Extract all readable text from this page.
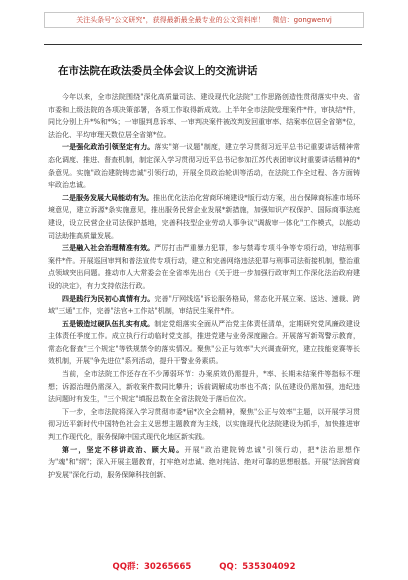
关注头条号"公文研究"，获得最新最全最专业的公文资料库！ 微信：gongwenvj
在市法院在政法委员全体会议上的交流讲话

今年以来，全市法院围绕"深化高质量司法、建设现代化法院"工作思路创造性贯彻落实中央、省市委和上级法院的各项决策部署，各项工作取得新成效。上半年全市法院受理案件*件，审执结*件，同比分别上升*%和*%；一审服判息诉率、一审判决案件被改判发回重审率、结案率位居全省第*位，法治化、平均审理天数位居全省第*位。

一是强化政治引领坚定有力。落实"第一议题"制度，建立学习贯彻习近平总书记重要讲话精神常态化调度、推进、督查机制，制定深入学习贯彻习近平总书记参加江苏代表团审议时重要讲话精神的*条意见。实施"政治建院铸忠诚"引领行动，开展全员政治轮训等活动，在法院工作全过程、各方面铸牢政治忠诚。

二是服务发展大局能动有为。推出优化法治化营商环境建设*版行动方案，出台保障商标准市场环境意见，建立诉源*条实施意见，推出服务民营企业发展*新措施，加强知识产权保护、国际商事法庭建设，设立民营企业司法保护基地，完善科技型企业劳动人事争议"调裁审一体化"工作模式，以能动司法助推高质量发展。

三是融入社会治理精准有效。严厉打击严重暴力犯罪，参与禁毒专项斗争等专项行动，审结刑事案件*件。开展巡回审判和普法宣传专项行动，建立和完善网络违法犯罪与刑事司法衔接机制，整治重点领域突出问题。推动市人大常委会在全省率先出台《关于进一步加强行政审判工作深化法治政府建设的决定》，有力支持依法行政。

四是践行为民初心真情有力。完善"厅网线巡"诉讼服务格局，常态化开展立案、送达、速裁、跨域"三通"工作，完善"法官+工作站"机制，审结民生案件*件。

五是锻造过硬队伍扎实有成。制定党组落实全面从严治党主体责任清单，定期研究党风廉政建设主体责任季度工作。成立执行行动临时党支部，推进党建与业务深度融合。开展落写新驾警示教育，常态化督查"三个规定"等铁规禁令的落实情况。聚焦"公正与效率"大兴调查研究，建立技能竞赛等长效机制，开展"争先进位"系列活动，提升干警业务素质。

当前，全市法院工作还存在不少薄弱环节：办案质效仍需提升，*率、长期未结案件等指标不理想；诉源治理仍需深入，新收案件数同比攀升；诉前调解成功率也不高；队伍建设仍需加强，违纪违法问题时有发生，"三个规定"填报总数在全省法院处于落后位次。

下一步，全市法院将深入学习贯彻市委*届*次全会精神，聚焦"公正与效率"主题，以开展学习贯彻习近平新时代中国特色社会主义思想主题教育为主线，以实施现代化法院建设为抓手，加快推进审判工作现代化，服务保障中国式现代化地区新实践。

第一，坚定不移讲政治、顾大局。开展"政治建院铸忠诚"引领行动，把*法治思想作为"魂"和"纲"；深入开展主题教育，打牢绝对忠诚、绝对纯洁、绝对可靠的思想根基。开展"法润营商护发展"深化行动，服务保障科技创新、

QQ群：30265665	QQ：535304092
